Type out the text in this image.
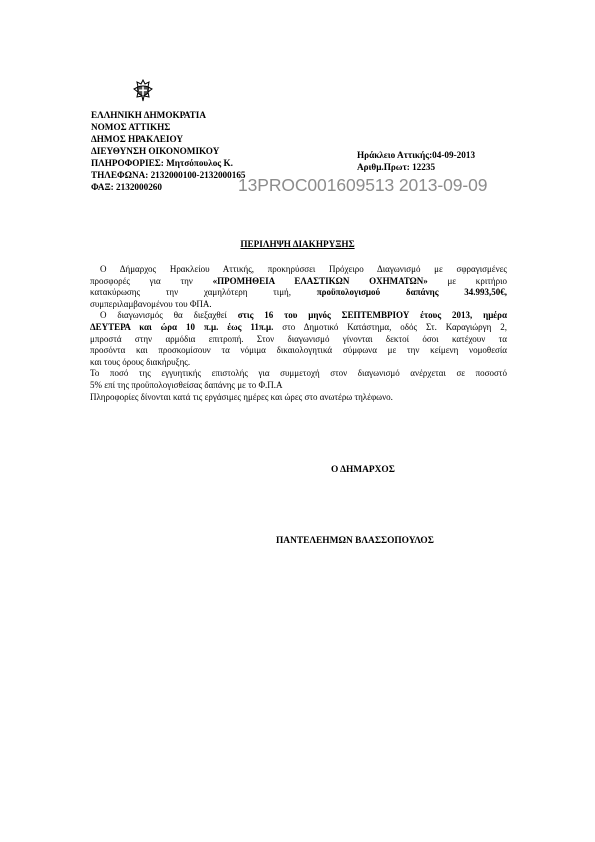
ΕΛΛΗΝΙΚΗ ΔΗΜΟΚΡΑΤΙΑ
ΝΟΜΟΣ ΑΤΤΙΚΗΣ
ΔΗΜΟΣ ΗΡΑΚΛΕΙΟΥ
ΔΙΕΥΘΥΝΣΗ ΟΙΚΟΝΟΜΙΚΟΥ
ΠΛΗΡΟΦΟΡΙΕΣ: Μητσόπουλος Κ.
ΤΗΛΕΦΩΝΑ: 2132000100-2132000165
ΦΑΞ: 2132000260
Ηράκλειο Αττικής:04-09-2013
Αριθμ.Πρωτ: 12235
13PROC001609513 2013-09-09
ΠΕΡΙΛΗΨΗ ΔΙΑΚΗΡΥΞΗΣ

Ο Δήμαρχος Ηρακλείου Αττικής, προκηρύσσει Πρόχειρο Διαγωνισμό με σφραγισμένες

προσφορές για την «ΠΡΟΜΗΘΕΙΑ ΕΛΑΣΤΙΚΩΝ ΟΧΗΜΑΤΩΝ» με κριτήριο

κατακύρωσης την χαμηλότερη τιμή, προϋπολογισμού δαπάνης 34.993,50€,

συμπεριλαμβανομένου του ΦΠΑ.

Ο διαγωνισμός θα διεξαχθεί στις 16 του μηνός ΣΕΠΤΕΜΒΡΙΟΥ έτους 2013, ημέρα

ΔΕΥΤΕΡΑ και ώρα 10 π.μ. έως 11π.μ. στο Δημοτικό Κατάστημα, οδός Στ. Καραγιώργη 2,

μπροστά στην αρμόδια επιτροπή. Στον διαγωνισμό γίνονται δεκτοί όσοι κατέχουν τα

προσόντα και προσκομίσουν τα νόμιμα δικαιολογητικά σύμφωνα με την κείμενη νομοθεσία

και τους όρους διακήρυξης.

Το ποσό της εγγυητικής επιστολής για συμμετοχή στον διαγωνισμό ανέρχεται σε ποσοστό

5% επί της προϋπολογισθείσας δαπάνης με το Φ.Π.Α

Πληροφορίες δίνονται κατά τις εργάσιμες ημέρες και ώρες στο ανωτέρω τηλέφωνο.

Ο ΔΗΜΑΡΧΟΣ
ΠΑΝΤΕΛΕΗΜΩΝ ΒΛΑΣΣΟΠΟΥΛΟΣ
